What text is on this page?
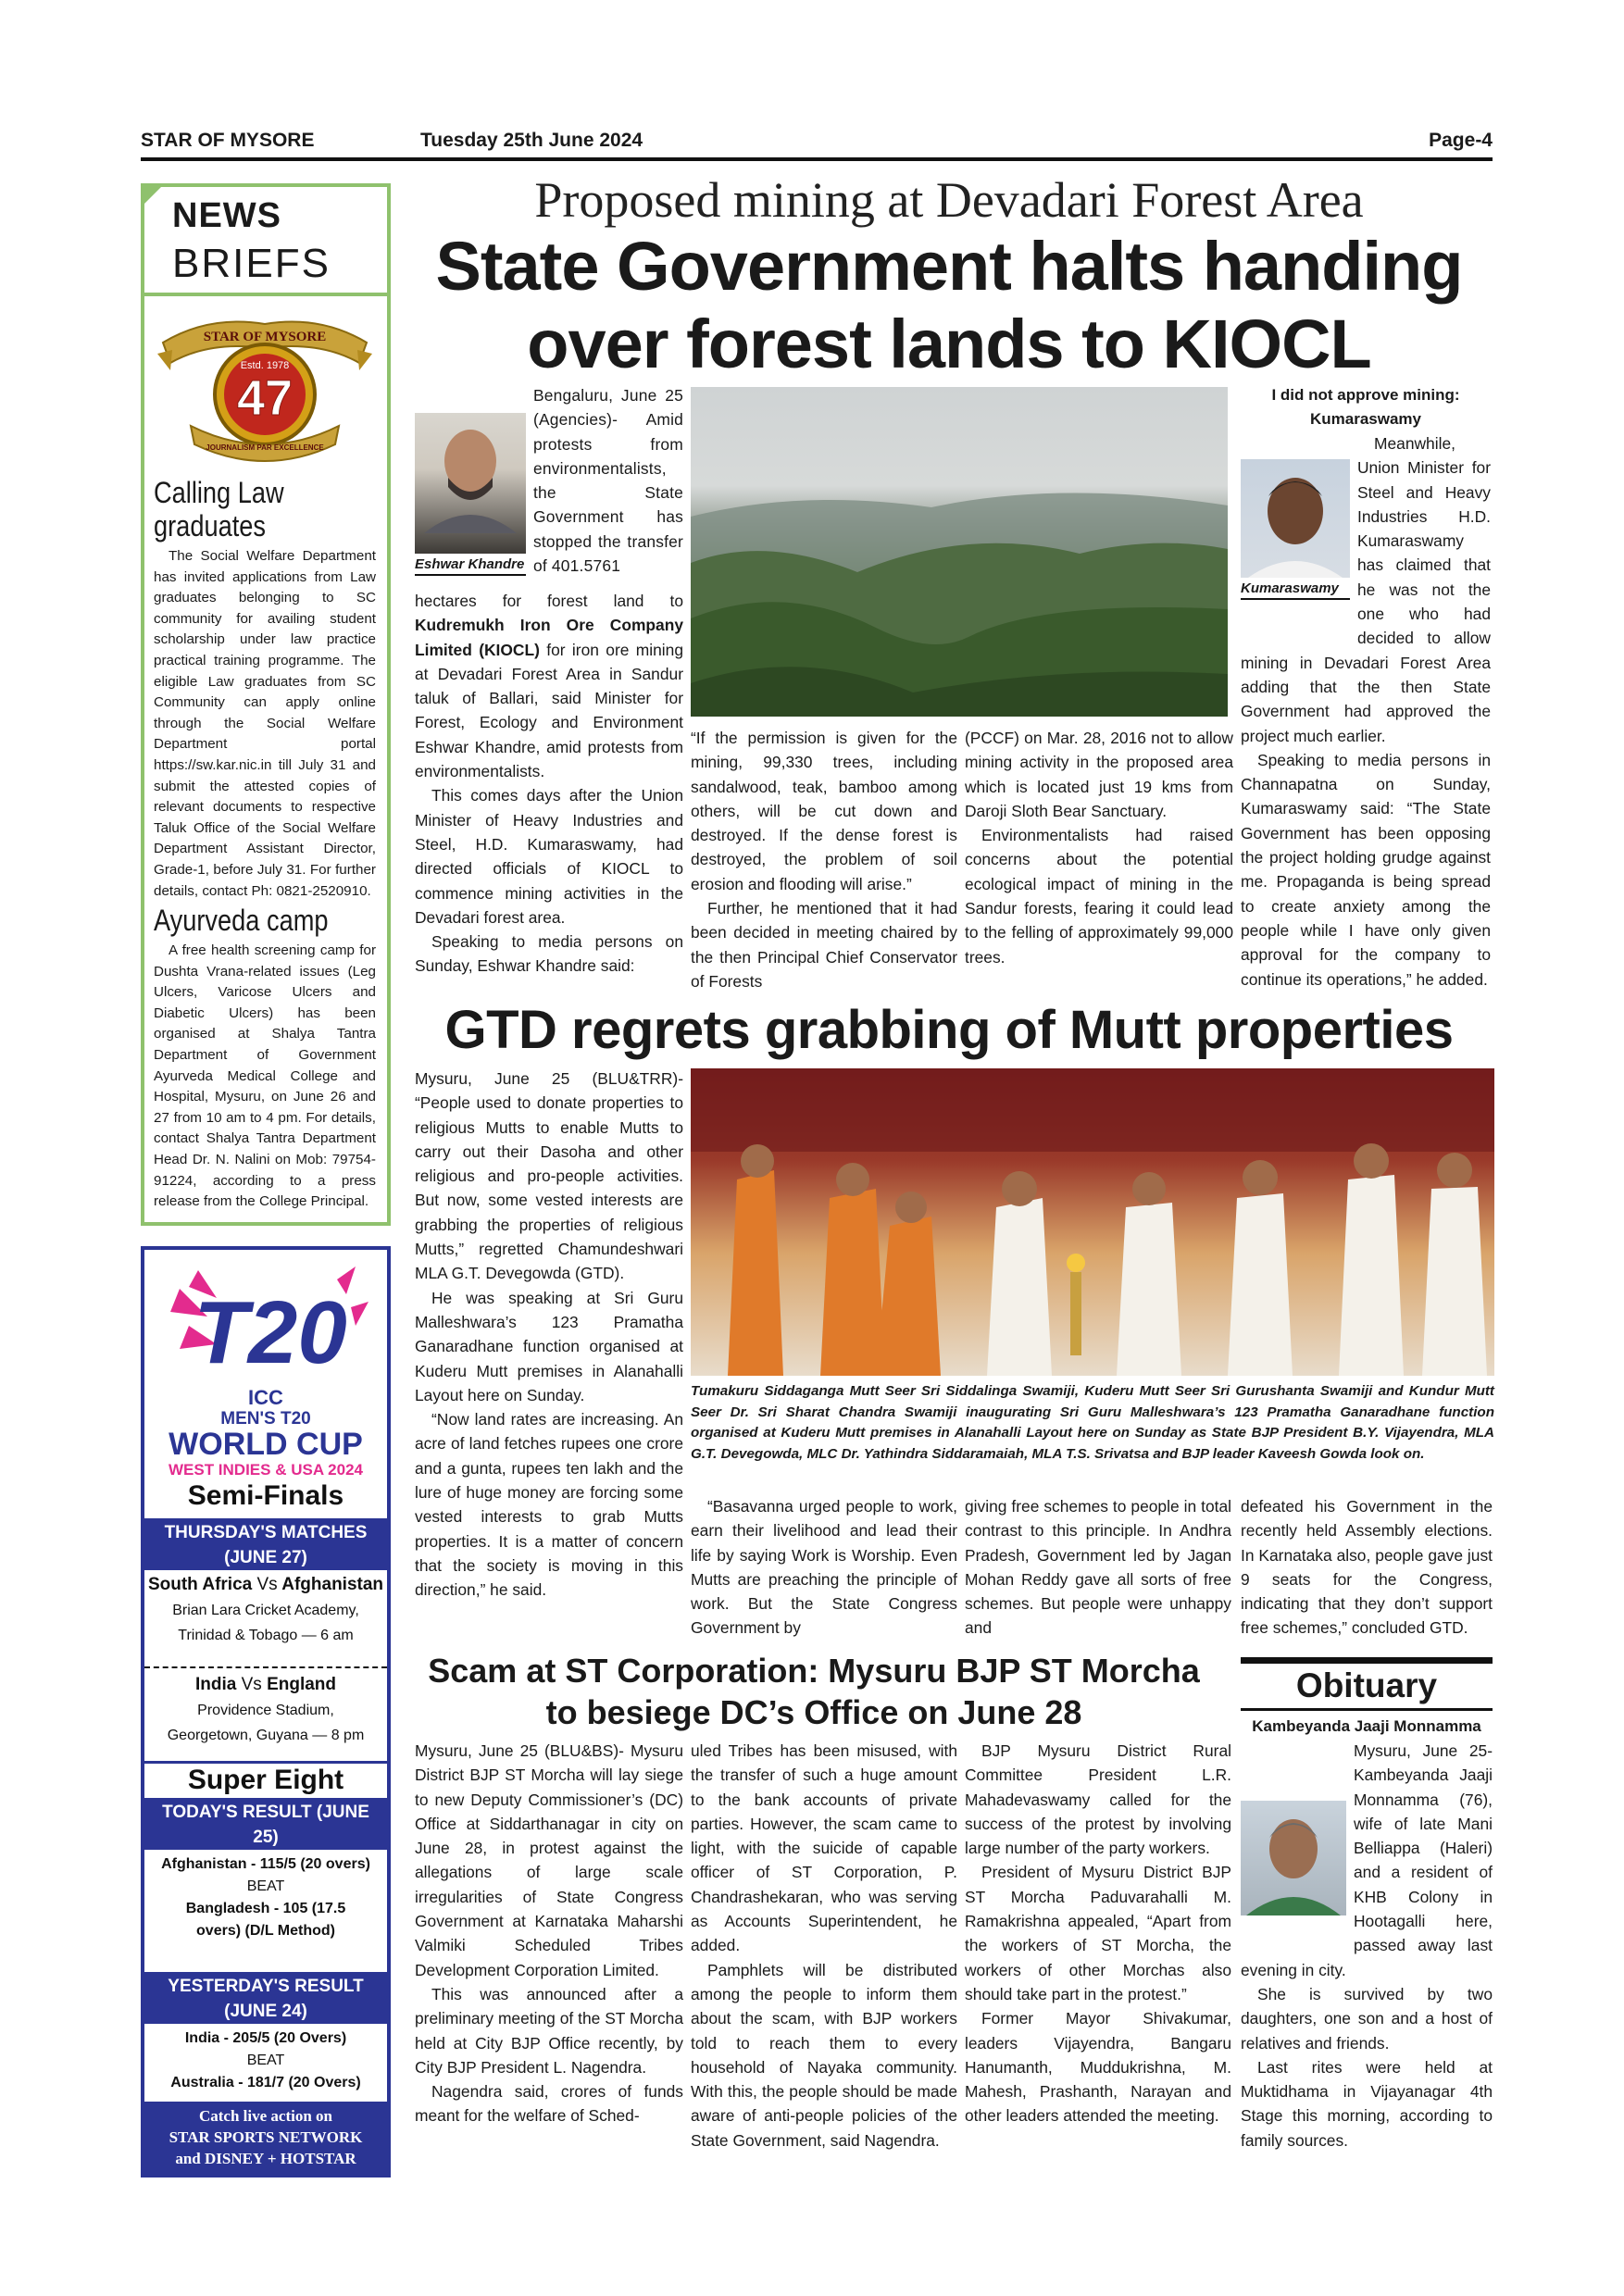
STAR OF MYSORE	Tuesday 25th June 2024	Page-4
NEWS
BRIEFS
STAR OF MYSORE
Estd. 1978
47
JOURNALISM PAR EXCELLENCE
Calling Law graduates

The Social Welfare Department has invited applications from Law graduates belonging to SC community for availing student scholarship under law practice practical training programme. The eligible Law graduates from SC Community can apply online through the Social Welfare Department portal https://sw.kar.nic.in till July 31 and submit the attested copies of relevant documents to respective Taluk Office of the Social Welfare Department Assistant Director, Grade-1, before July 31. For further details, contact Ph: 0821-2520910.

Ayurveda camp

A free health screening camp for Dushta Vrana-related issues (Leg Ulcers, Varicose Ulcers and Diabetic Ulcers) has been organised at Shalya Tantra Department of Government Ayurveda Medical College and Hospital, Mysuru, on June 26 and 27 from 10 am to 4 pm. For details, contact Shalya Tantra Department Head Dr. N. Nalini on Mob: 79754-91224, according to a press release from the College Principal.

T20
ICC
MEN'S T20
WORLD CUP
WEST INDIES & USA 2024
Semi-Finals
THURSDAY'S MATCHES (JUNE 27)
South Africa Vs Afghanistan
Brian Lara Cricket Academy, Trinidad & Tobago — 6 am
India Vs England
Providence Stadium, Georgetown, Guyana — 8 pm
Super Eight
TODAY'S RESULT (JUNE 25)
Afghanistan - 115/5 (20 overs)
BEAT
Bangladesh - 105 (17.5 overs) (D/L Method)
YESTERDAY'S RESULT (JUNE 24)
India - 205/5 (20 Overs)
BEAT
Australia - 181/7 (20 Overs)
Catch live action on
STAR SPORTS NETWORK
and DISNEY + HOTSTAR
Proposed mining at Devadari Forest Area
State Government halts handing
over forest lands to KIOCL
Eshwar Khandre

Bengaluru, June 25 (Agencies)- Amid protests from environmentalists, the State Government has stopped the transfer of 401.5761

hectares for forest land to Kudremukh Iron Ore Company Limited (KIOCL) for iron ore mining at Devadari Forest Area in Sandur taluk of Ballari, said Minister for Forest, Ecology and Environment Eshwar Khandre, amid protests from environmentalists.

This comes days after the Union Minister of Heavy Industries and Steel, H.D. Kumaraswamy, had directed officials of KIOCL to commence mining activities in the Devadari forest area.

Speaking to media persons on Sunday, Eshwar Khandre said:

“If the permission is given for the mining, 99,330 trees, including sandalwood, teak, bamboo among others, will be cut down and destroyed. If the dense forest is destroyed, the problem of soil erosion and flooding will arise.”

Further, he mentioned that it had been decided in meeting chaired by the then Principal Chief Conservator of Forests

(PCCF) on Mar. 28, 2016 not to allow mining activity in the proposed area which is located just 19 kms from Daroji Sloth Bear Sanctuary.

Environmentalists had raised concerns about the potential ecological impact of mining in the Sandur forests, fearing it could lead to the felling of approximately 99,000 trees.

I did not approve mining: Kumaraswamy
Kumaraswamy

Meanwhile, Union Minister for Steel and Heavy Industries H.D. Kumaraswamy has claimed that he was not the one who had decided to allow mining in Devadari Forest Area adding that the then State Government had approved the project much earlier.

Speaking to media persons in Channapatna on Sunday, Kumaraswamy said: “The State Government has been opposing the project holding grudge against me. Propaganda is being spread to create anxiety among the people while I have only given approval for the company to continue its operations,” he added.

GTD regrets grabbing of Mutt properties

Mysuru, June 25 (BLU&TRR)- “People used to donate properties to religious Mutts to enable Mutts to carry out their Dasoha and other religious and pro-people activities. But now, some vested interests are grabbing the properties of religious Mutts,” regretted Chamundeshwari MLA G.T. Devegowda (GTD).

He was speaking at Sri Guru Malleshwara’s 123 Pramatha Ganaradhane function organised at Kuderu Mutt premises in Alanahalli Layout here on Sunday.

“Now land rates are increasing. An acre of land fetches rupees one crore and a gunta, rupees ten lakh and the lure of huge money are forcing some vested interests to grab Mutts properties. It is a matter of concern that the society is moving in this direction,” he said.

Tumakuru Siddaganga Mutt Seer Sri Siddalinga Swamiji, Kuderu Mutt Seer Sri Gurushanta Swamiji and Kundur Mutt Seer Dr. Sri Sharat Chandra Swamiji inaugurating Sri Guru Malleshwara’s 123 Pramatha Ganaradhane function organised at Kuderu Mutt premises in Alanahalli Layout here on Sunday as State BJP President B.Y. Vijayendra, MLA G.T. Devegowda, MLC Dr. Yathindra Siddaramaiah, MLA T.S. Srivatsa and BJP leader Kaveesh Gowda look on.

“Basavanna urged people to work, earn their livelihood and lead their life by saying Work is Worship. Even Mutts are preaching the principle of work. But the State Congress Government by

giving free schemes to people in total contrast to this principle. In Andhra Pradesh, Government led by Jagan Mohan Reddy gave all sorts of free schemes. But people were unhappy and

defeated his Government in the recently held Assembly elections. In Karnataka also, people gave just 9 seats for the Congress, indicating that they don’t support free schemes,” concluded GTD.

Scam at ST Corporation: Mysuru BJP ST Morcha
to besiege DC’s Office on June 28

Mysuru, June 25 (BLU&BS)- Mysuru District BJP ST Morcha will lay siege to new Deputy Commissioner’s (DC) Office at Siddarthanagar in city on June 28, in protest against the allegations of large scale irregularities of State Congress Government at Karnataka Maharshi Valmiki Scheduled Tribes Development Corporation Limited.

This was announced after a preliminary meeting of the ST Morcha held at City BJP Office recently, by City BJP President L. Nagendra.

Nagendra said, crores of funds meant for the welfare of Sched-

uled Tribes has been misused, with the transfer of such a huge amount to the bank accounts of private parties. However, the scam came to light, with the suicide of capable officer of ST Corporation, P. Chandrashekaran, who was serving as Accounts Superintendent, he added.

Pamphlets will be distributed among the people to inform them about the scam, with BJP workers told to reach them to every household of Nayaka community. With this, the people should be made aware of anti-people policies of the State Government, said Nagendra.

BJP Mysuru District Rural Committee President L.R. Mahadevaswamy called for the success of the protest by involving large number of the party workers.

President of Mysuru District BJP ST Morcha Paduvarahalli M. Ramakrishna appealed, “Apart from the workers of ST Morcha, the workers of other Morchas also should take part in the protest.”

Former Mayor Shivakumar, leaders Vijayendra, Bangaru Hanumanth, Muddukrishna, M. Mahesh, Prashanth, Narayan and other leaders attended the meeting.

Obituary
Kambeyanda Jaaji Monnamma

Mysuru, June 25- Kambeyanda Jaaji Monnamma (76), wife of late Mani Belliappa (Haleri) and a resident of KHB Colony in Hootagalli here, passed away last evening in city.

She is survived by two daughters, one son and a host of relatives and friends.

Last rites were held at Muktidhama in Vijayanagar 4th Stage this morning, according to family sources.
